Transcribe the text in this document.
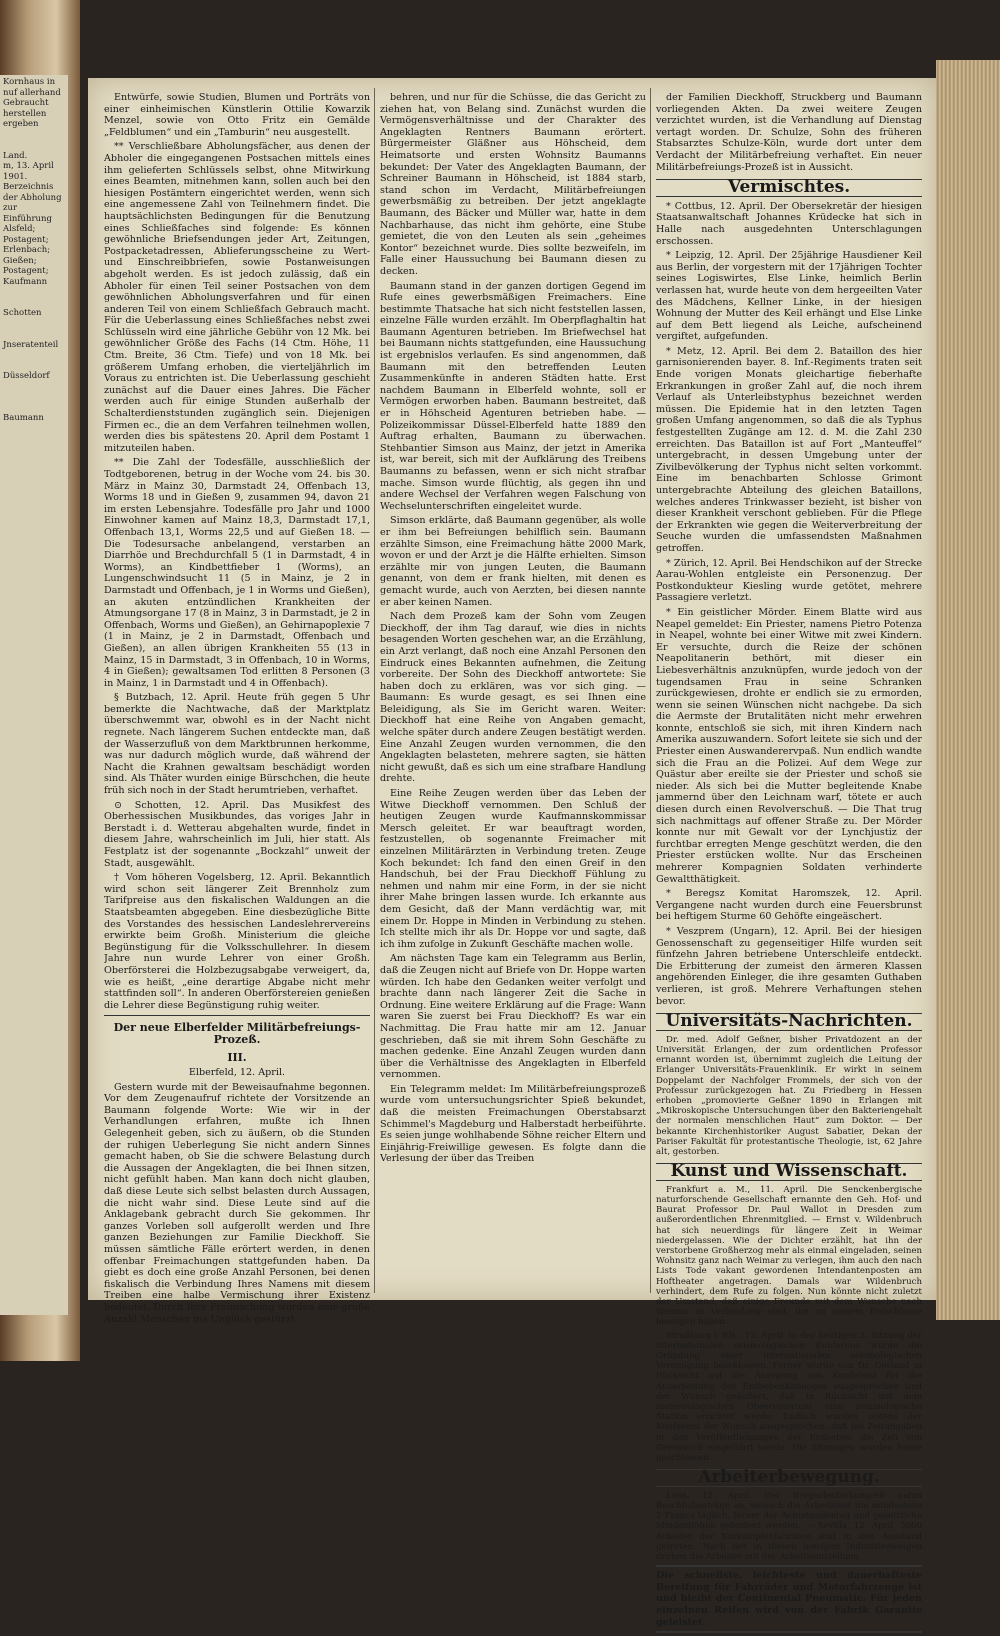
Kornhaus in nuf allerhand Gebraucht
herstellen
ergeben

Land.
m, 13. April 1901.
Berzeichnis der Abholung
zur Einführung
Alsfeld; Postagent;
Erlenbach; Gießen;
Postagent; Kaufmann

Schotten

Jnseratenteil

Düsseldorf

Baumann

Entwürfe, sowie Studien, Blumen und Porträts von einer einheimischen Künstlerin Ottilie Kowarzik Menzel, sowie von Otto Fritz ein Gemälde „Feldblumen“ und ein „Tamburin“ neu ausgestellt.

** Verschließbare Abholungsfächer, aus denen der Abholer die eingegangenen Postsachen mittels eines ihm gelieferten Schlüssels selbst, ohne Mitwirkung eines Beamten, mitnehmen kann, sollen auch bei den hiesigen Postämtern eingerichtet werden, wenn sich eine angemessene Zahl von Teilnehmern findet. Die hauptsächlichsten Bedingungen für die Benutzung eines Schließfaches sind folgende: Es können gewöhnliche Briefsendungen jeder Art, Zeitungen, Postpacketadressen, Ablieferungsscheine zu Wert- und Einschreibbriefen, sowie Postanweisungen abgeholt werden. Es ist jedoch zulässig, daß ein Abholer für einen Teil seiner Postsachen von dem gewöhnlichen Abholungsverfahren und für einen anderen Teil von einem Schließfach Gebrauch macht. Für die Ueberlassung eines Schließfaches nebst zwei Schlüsseln wird eine jährliche Gebühr von 12 Mk. bei gewöhnlicher Größe des Fachs (14 Ctm. Höhe, 11 Ctm. Breite, 36 Ctm. Tiefe) und von 18 Mk. bei größerem Umfang erhoben, die vierteljährlich im Voraus zu entrichten ist. Die Ueberlassung geschieht zunächst auf die Dauer eines Jahres. Die Fächer werden auch für einige Stunden außerhalb der Schalterdienststunden zugänglich sein. Diejenigen Firmen ec., die an dem Verfahren teilnehmen wollen, werden dies bis spätestens 20. April dem Postamt 1 mitzuteilen haben.

** Die Zahl der Todesfälle, ausschließlich der Todtgeborenen, betrug in der Woche vom 24. bis 30. März in Mainz 30, Darmstadt 24, Offenbach 13, Worms 18 und in Gießen 9, zusammen 94, davon 21 im ersten Lebensjahre. Todesfälle pro Jahr und 1000 Einwohner kamen auf Mainz 18,3, Darmstadt 17,1, Offenbach 13,1, Worms 22,5 und auf Gießen 18. — Die Todesursache anbelangend, verstarben an Diarrhöe und Brechdurchfall 5 (1 in Darmstadt, 4 in Worms), an Kindbettfieber 1 (Worms), an Lungenschwindsucht 11 (5 in Mainz, je 2 in Darmstadt und Offenbach, je 1 in Worms und Gießen), an akuten entzündlichen Krankheiten der Atmungsorgane 17 (8 in Mainz, 3 in Darmstadt, je 2 in Offenbach, Worms und Gießen), an Gehirnapoplexie 7 (1 in Mainz, je 2 in Darmstadt, Offenbach und Gießen), an allen übrigen Krankheiten 55 (13 in Mainz, 15 in Darmstadt, 3 in Offenbach, 10 in Worms, 4 in Gießen); gewaltsamen Tod erlitten 8 Personen (3 in Mainz, 1 in Darmstadt und 4 in Offenbach).

§ Butzbach, 12. April. Heute früh gegen 5 Uhr bemerkte die Nachtwache, daß der Marktplatz überschwemmt war, obwohl es in der Nacht nicht regnete. Nach längerem Suchen entdeckte man, daß der Wasserzufluß von dem Marktbrunnen herkomme, was nur dadurch möglich wurde, daß während der Nacht die Krahnen gewaltsam beschädigt worden sind. Als Thäter wurden einige Bürschchen, die heute früh sich noch in der Stadt herumtrieben, verhaftet.

⊙ Schotten, 12. April. Das Musikfest des Oberhessischen Musikbundes, das voriges Jahr in Berstadt i. d. Wetterau abgehalten wurde, findet in diesem Jahre, wahrscheinlich im Juli, hier statt. Als Festplatz ist der sogenannte „Bockzahl“ unweit der Stadt, ausgewählt.

† Vom höheren Vogelsberg, 12. April. Bekanntlich wird schon seit längerer Zeit Brennholz zum Tarifpreise aus den fiskalischen Waldungen an die Staatsbeamten abgegeben. Eine diesbezügliche Bitte des Vorstandes des hessischen Landeslehrervereins erwirkte beim Großh. Ministerium die gleiche Begünstigung für die Volksschullehrer. In diesem Jahre nun wurde Lehrer von einer Großh. Oberförsterei die Holzbezugsabgabe verweigert, da, wie es heißt, „eine derartige Abgabe nicht mehr stattfinden soll“. In anderen Oberförstereien genießen die Lehrer diese Begünstigung ruhig weiter.

Der neue Elberfelder Militärbefreiungs-Prozeß.
III.

Elberfeld, 12. April.

Gestern wurde mit der Beweisaufnahme begonnen. Vor dem Zeugenaufruf richtete der Vorsitzende an Baumann folgende Worte: Wie wir in der Verhandlungen erfahren, mußte ich Ihnen Gelegenheit geben, sich zu äußern, ob die Stunden der ruhigen Ueberlegung Sie nicht andern Sinnes gemacht haben, ob Sie die schwere Belastung durch die Aussagen der Angeklagten, die bei Ihnen sitzen, nicht gefühlt haben. Man kann doch nicht glauben, daß diese Leute sich selbst belasten durch Aussagen, die nicht wahr sind. Diese Leute sind auf die Anklagebank gebracht durch Sie gekommen. Ihr ganzes Vorleben soll aufgerollt werden und Ihre ganzen Beziehungen zur Familie Dieckhoff. Sie müssen sämtliche Fälle erörtert werden, in denen offenbar Freimachungen stattgefunden haben. Da giebt es doch eine große Anzahl Personen, bei denen fiskalisch die Verbindung Ihres Namens mit diesem Treiben eine halbe Vermischung ihrer Existenz bedeutet. Durch Ihre Freimachung wurden eine große Anzahl Menschen ins Unglück gestürzt.

behren, und nur für die Schüsse, die das Gericht zu ziehen hat, von Belang sind. Zunächst wurden die Vermögensverhältnisse und der Charakter des Angeklagten Rentners Baumann erörtert. Bürgermeister Gläßner aus Höhscheid, dem Heimatsorte und ersten Wohnsitz Baumanns bekundet: Der Vater des Angeklagten Baumann, der Schreiner Baumann in Höhscheid, ist 1884 starb, stand schon im Verdacht, Militärbefreiungen gewerbsmäßig zu betreiben. Der jetzt angeklagte Baumann, des Bäcker und Müller war, hatte in dem Nachbarhause, das nicht ihm gehörte, eine Stube gemietet, die von den Leuten als sein „geheimes Kontor“ bezeichnet wurde. Dies sollte bezweifeln, im Falle einer Haussuchung bei Baumann diesen zu decken.

Baumann stand in der ganzen dortigen Gegend im Rufe eines gewerbsmäßigen Freimachers. Eine bestimmte Thatsache hat sich nicht feststellen lassen, einzelne Fälle wurden erzählt. Im Oberpflaghaltin hat Baumann Agenturen betrieben. Im Briefwechsel hat bei Baumann nichts stattgefunden, eine Haussuchung ist ergebnislos verlaufen. Es sind angenommen, daß Baumann mit den betreffenden Leuten Zusammenkünfte in anderen Städten hatte. Erst nachdem Baumann in Elberfeld wohnte, soll er Vermögen erworben haben. Baumann bestreitet, daß er in Höhscheid Agenturen betrieben habe. — Polizeikommissar Düssel-Elberfeld hatte 1889 den Auftrag erhalten, Baumann zu überwachen. Stehbantier Simson aus Mainz, der jetzt in Amerika ist, war bereit, sich mit der Aufklärung des Treibens Baumanns zu befassen, wenn er sich nicht strafbar mache. Simson wurde flüchtig, als gegen ihn und andere Wechsel der Verfahren wegen Falschung von Wechselunterschriften eingeleitet wurde.

Simson erklärte, daß Baumann gegenüber, als wolle er ihm bei Befreiungen behilflich sein. Baumann erzählte Simson, eine Freimachung hätte 2000 Mark, wovon er und der Arzt je die Hälfte erhielten. Simson erzählte mir von jungen Leuten, die Baumann genannt, von dem er frank hielten, mit denen es gemacht wurde, auch von Aerzten, bei diesen nannte er aber keinen Namen.

Nach dem Prozeß kam der Sohn vom Zeugen Dieckhoff, der ihm Tag darauf, wie dies in nichts besagenden Worten geschehen war, an die Erzählung, ein Arzt verlangt, daß noch eine Anzahl Personen den Eindruck eines Bekannten aufnehmen, die Zeitung vorbereite. Der Sohn des Dieckhoff antwortete: Sie haben doch zu erklären, was vor sich ging. — Baumann: Es wurde gesagt, es sei Ihnen eine Beleidigung, als Sie im Gericht waren. Weiter: Dieckhoff hat eine Reihe von Angaben gemacht, welche später durch andere Zeugen bestätigt werden. Eine Anzahl Zeugen wurden vernommen, die den Angeklagten belasteten, mehrere sagten, sie hätten nicht gewußt, daß es sich um eine strafbare Handlung drehte.

Eine Reihe Zeugen werden über das Leben der Witwe Dieckhoff vernommen. Den Schluß der heutigen Zeugen wurde Kaufmannskommissar Mersch geleitet. Er war beauftragt worden, festzustellen, ob sogenannte Freimacher mit einzelnen Militärärzten in Verbindung treten. Zeuge Koch bekundet: Ich fand den einen Greif in den Handschuh, bei der Frau Dieckhoff Fühlung zu nehmen und nahm mir eine Form, in der sie nicht ihrer Mahe bringen lassen wurde. Ich erkannte aus dem Gesicht, daß der Mann verdächtig war, mit einem Dr. Hoppe in Minden in Verbindung zu stehen. Ich stellte mich ihr als Dr. Hoppe vor und sagte, daß ich ihm zufolge in Zukunft Geschäfte machen wolle.

Am nächsten Tage kam ein Telegramm aus Berlin, daß die Zeugen nicht auf Briefe von Dr. Hoppe warten würden. Ich habe den Gedanken weiter verfolgt und brachte dann nach längerer Zeit die Sache in Ordnung. Eine weitere Erklärung auf die Frage: Wann waren Sie zuerst bei Frau Dieckhoff? Es war ein Nachmittag. Die Frau hatte mir am 12. Januar geschrieben, daß sie mit ihrem Sohn Geschäfte zu machen gedenke. Eine Anzahl Zeugen wurden dann über die Verhältnisse des Angeklagten in Elberfeld vernommen.

Ein Telegramm meldet: Im Militärbefreiungsprozeß wurde vom untersuchungsrichter Spieß bekundet, daß die meisten Freimachungen Oberstabsarzt Schimmel's Magdeburg und Halberstadt herbeiführte. Es seien junge wohlhabende Söhne reicher Eltern und Einjährig-Freiwillige gewesen. Es folgte dann die Verlesung der über das Treiben

der Familien Dieckhoff, Struckberg und Baumann vorliegenden Akten. Da zwei weitere Zeugen verzichtet wurden, ist die Verhandlung auf Dienstag vertagt worden. Dr. Schulze, Sohn des früheren Stabsarztes Schulze-Köln, wurde dort unter dem Verdacht der Militärbefreiung verhaftet. Ein neuer Militärbefreiungs-Prozeß ist in Aussicht.

Vermischtes.

* Cottbus, 12. April. Der Obersekretär der hiesigen Staatsanwaltschaft Johannes Krüdecke hat sich in Halle nach ausgedehnten Unterschlagungen erschossen.

* Leipzig, 12. April. Der 25jährige Hausdiener Keil aus Berlin, der vorgestern mit der 17jährigen Tochter seines Logiswirtes, Else Linke, heimlich Berlin verlassen hat, wurde heute von dem hergeeilten Vater des Mädchens, Kellner Linke, in der hiesigen Wohnung der Mutter des Keil erhängt und Else Linke auf dem Bett liegend als Leiche, aufscheinend vergiftet, aufgefunden.

* Metz, 12. April. Bei dem 2. Bataillon des hier garnisonierenden bayer. 8. Inf.-Regiments traten seit Ende vorigen Monats gleichartige fieberhafte Erkrankungen in großer Zahl auf, die noch ihrem Verlauf als Unterleibstyphus bezeichnet werden müssen. Die Epidemie hat in den letzten Tagen großen Umfang angenommen, so daß die als Typhus festgestellten Zugänge am 12. d. M. die Zahl 230 erreichten. Das Bataillon ist auf Fort „Manteuffel“ untergebracht, in dessen Umgebung unter der Zivilbevölkerung der Typhus nicht selten vorkommt. Eine im benachbarten Schlosse Grimont untergebrachte Abteilung des gleichen Bataillons, welches anderes Trinkwasser bezieht, ist bisher von dieser Krankheit verschont geblieben. Für die Pflege der Erkrankten wie gegen die Weiterverbreitung der Seuche wurden die umfassendsten Maßnahmen getroffen.

* Zürich, 12. April. Bei Hendschikon auf der Strecke Aarau-Wohlen entgleiste ein Personenzug. Der Postkondukteur Kiesling wurde getötet, mehrere Passagiere verletzt.

* Ein geistlicher Mörder. Einem Blatte wird aus Neapel gemeldet: Ein Priester, namens Pietro Potenza in Neapel, wohnte bei einer Witwe mit zwei Kindern. Er versuchte, durch die Reize der schönen Neapolitanerin bethört, mit dieser ein Liebesverhältnis anzuknüpfen, wurde jedoch von der tugendsamen Frau in seine Schranken zurückgewiesen, drohte er endlich sie zu ermorden, wenn sie seinen Wünschen nicht nachgebe. Da sich die Aermste der Brutalitäten nicht mehr erwehren konnte, entschloß sie sich, mit ihren Kindern nach Amerika auszuwandern. Sofort leitete sie sich und der Priester einen Auswanderervpaß. Nun endlich wandte sich die Frau an die Polizei. Auf dem Wege zur Quästur aber ereilte sie der Priester und schoß sie nieder. Als sich bei die Mutter begleitende Knabe jammernd über den Leichnam warf, tötete er auch diesen durch einen Revolverschuß. — Die That trug sich nachmittags auf offener Straße zu. Der Mörder konnte nur mit Gewalt vor der Lynchjustiz der furchtbar erregten Menge geschützt werden, die den Priester erstücken wollte. Nur das Erscheinen mehrerer Kompagnien Soldaten verhinderte Gewaltthätigkeit.

* Beregsz Komitat Haromszek, 12. April. Vergangene nacht wurden durch eine Feuersbrunst bei heftigem Sturme 60 Gehöfte eingeäschert.

* Veszprem (Ungarn), 12. April. Bei der hiesigen Genossenschaft zu gegenseitiger Hilfe wurden seit fünfzehn Jahren betriebene Unterschleife entdeckt. Die Erbitterung der zumeist den ärmeren Klassen angehörenden Einleger, die ihre gesamten Guthaben verlieren, ist groß. Mehrere Verhaftungen stehen bevor.

Universitäts-Nachrichten.

Dr. med. Adolf Geßner, bisher Privatdozent an der Universität Erlangen, der zum ordentlichen Professor ernannt worden ist, übernimmt zugleich die Leitung der Erlanger Universitäts-Frauenklinik. Er wirkt in seinem Doppelamt der Nachfolger Frommels, der sich von der Professur zurückgezogen hat. Zu Friedberg in Hessen erhoben „promovierte Geßner 1890 in Erlangen mit „Mikroskopische Untersuchungen über den Bakteriengehalt der normalen menschlichen Haut“ zum Doktor. — Der bekannte Kirchenhistoriker August Sabatier, Dekan der Pariser Fakultät für protestantische Theologie, ist, 62 Jahre alt, gestorben.

Kunst und Wissenschaft.

Frankfurt a. M., 11. April. Die Senckenbergische naturforschende Gesellschaft ernannte den Geh. Hof- und Baurat Professor Dr. Paul Wallot in Dresden zum außerordentlichen Ehrenmitglied. — Ernst v. Wildenbruch hat sich neuerdings für längere Zeit in Weimar niedergelassen. Wie der Dichter erzählt, hat ihn der verstorbene Großherzog mehr als einmal eingeladen, seinen Wohnsitz ganz nach Weimar zu verlegen, ihm auch den nach Lists Tode vakant gewordenen Intendantenposten am Hoftheater angetragen. Damals war Wildenbruch verhindert, dem Rufe zu folgen. Nun könnte nicht zuletzt der Umstand, daß einige Freunde mit dem Wunsche nach Weimar in Verbindung sind, ihn zu seinem Entschlusse bewogen haben.

Straßburg i. Els., 12. April. In der heutigen 2. Sitzung der internationalen seismologischen Konferenz wurde die Gründung einer internationalen seismologischen Vereinigung beschlossen. Ferner wurde von Dr. Gerland in Rücksicht auf die Anregung von Konferenz für die Ausarbeitung des Erdbebenkataloges ausgesprochen und der Wunsch geäußert, daß in Rücksicht mit dem meteorologischen Observatorium eine seismologische Station errichtet werde. Endlich wurden seitens der Konferenz der Wunsch ausgesprochen, daß bei Zeitangaben in den Veröffentlichungen der Erdbeben die Zeit von Greenwich eingeführt werde. Die Sitzungen wurden heute geschlossen.

Arbeiterbewegung.

Lens, 12. April. Der Bergarbeiterkongreß nahm Beschlußanträge an, wonach die Arbeitszeit um mindestens 2 Francs täglich, ferner der Achtstundentag und gesetzliche Mindestlöhne gefordert werden. — Sevilla, 12. April. 3000 Arbeiter der Korkstopfenfabriken sind in den Ausstand getreten. Nach der in diesen hiesigen Industriezweigen drohen die Arbeiter mit der Arbeitseinstellung.

Die schnellste, leichteste und dauerhafteste Bereifung für Fahrräder und Motorfahrzeuge ist und bleibt der Continental Pneumatic. Für jeden einzelnen Reifen wird von der Fabrik Garantie geleistet.
